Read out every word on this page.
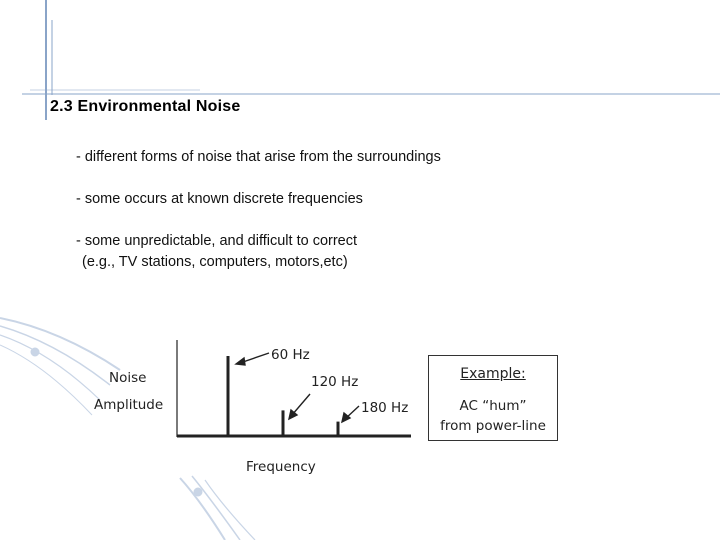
2.3 Environmental Noise
- different forms of noise that arise from the surroundings
- some occurs at known discrete frequencies
- some unpredictable, and difficult to correct
(e.g., TV stations, computers, motors,etc)
Noise
Amplitude
Frequency
60 Hz
120 Hz
180 Hz
Example:
AC “hum”
from power-line
